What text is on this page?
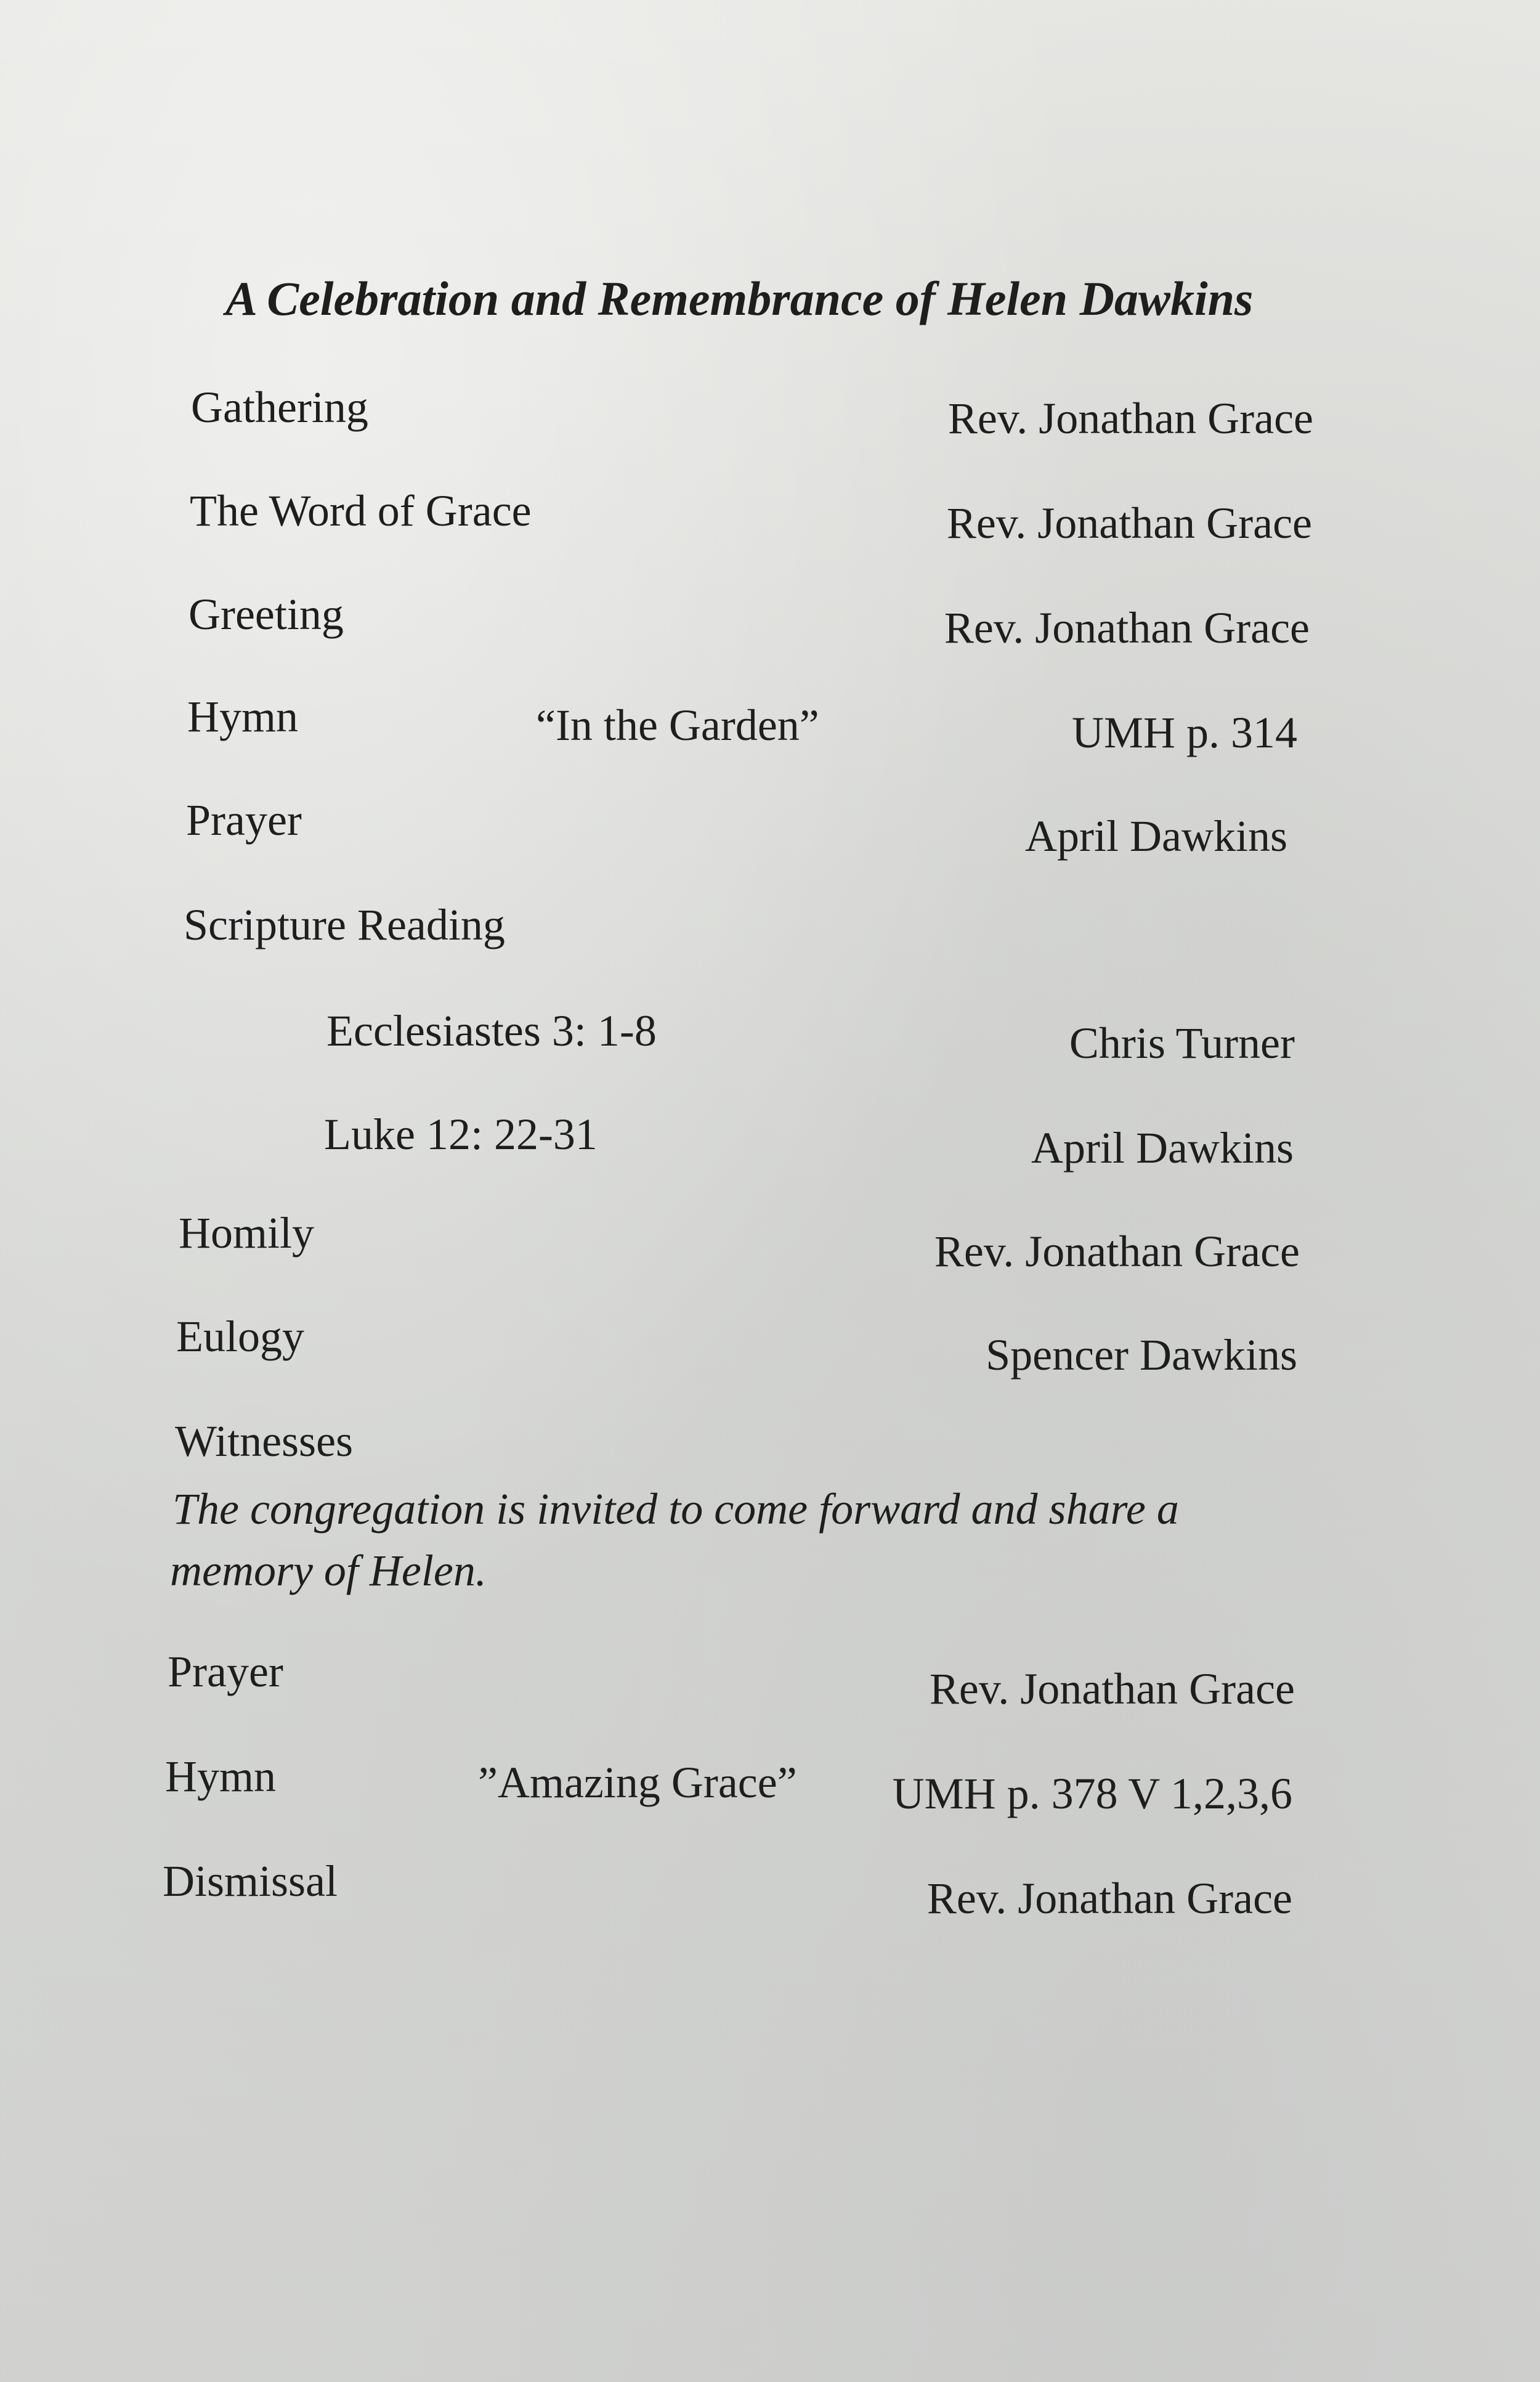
A Celebration and Remembrance of Helen Dawkins
Gathering	Rev. Jonathan Grace
The Word of Grace	Rev. Jonathan Grace
Greeting	Rev. Jonathan Grace
Hymn	“In the Garden”	UMH p. 314
Prayer	April Dawkins
Scripture Reading
Ecclesiastes 3: 1-8	Chris Turner
Luke 12: 22-31	April Dawkins
Homily	Rev. Jonathan Grace
Eulogy	Spencer Dawkins
Witnesses
The congregation is invited to come forward and share a
memory of Helen.
Prayer	Rev. Jonathan Grace
Hymn	”Amazing Grace” UMH p. 378 V 1,2,3,6
Dismissal	Rev. Jonathan Grace
